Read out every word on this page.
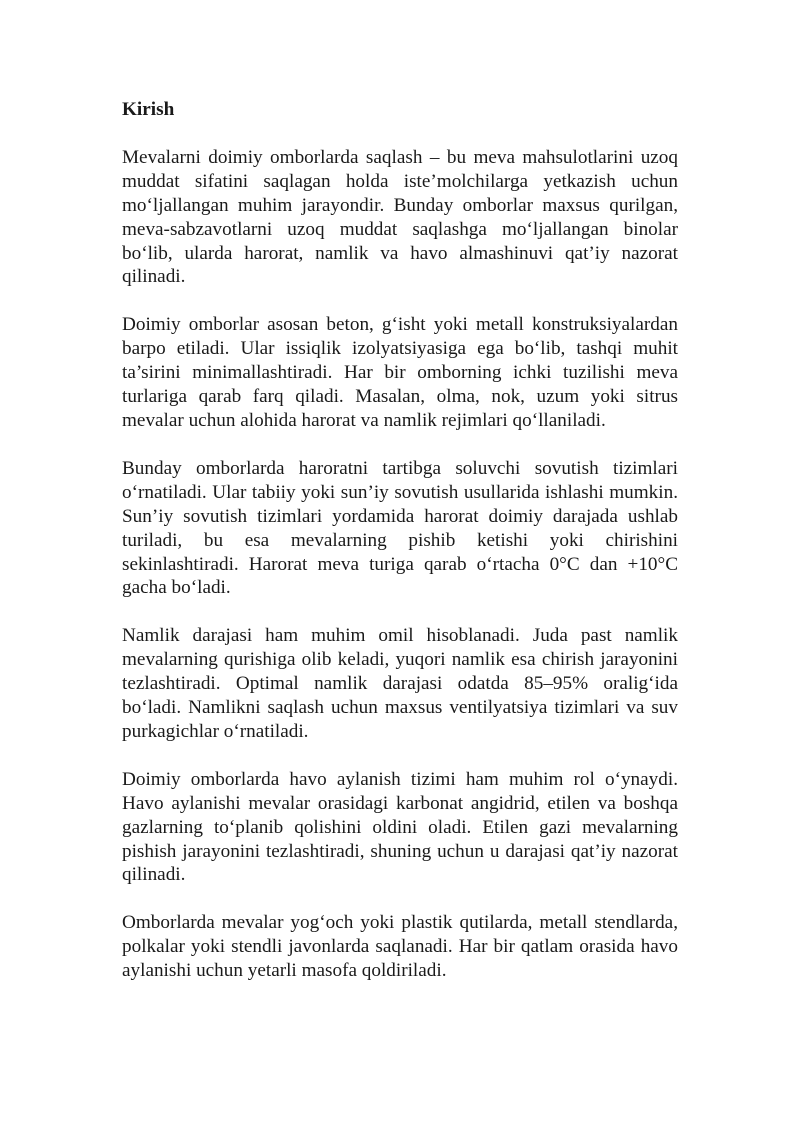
Kirish

Mevalarni doimiy omborlarda saqlash – bu meva mahsulotlarini uzoq muddat sifatini saqlagan holda iste’molchilarga yetkazish uchun moʻljallangan muhim jarayondir. Bunday omborlar maxsus qurilgan, meva-sabzavotlarni uzoq muddat saqlashga moʻljallangan binolar boʻlib, ularda harorat, namlik va havo almashinuvi qat’iy nazorat qilinadi.

Doimiy omborlar asosan beton, gʻisht yoki metall konstruksiyalardan barpo etiladi. Ular issiqlik izolyatsiyasiga ega boʻlib, tashqi muhit ta’sirini minimallashtiradi. Har bir omborning ichki tuzilishi meva turlariga qarab farq qiladi. Masalan, olma, nok, uzum yoki sitrus mevalar uchun alohida harorat va namlik rejimlari qoʻllaniladi.

Bunday omborlarda haroratni tartibga soluvchi sovutish tizimlari oʻrnatiladi. Ular tabiiy yoki sun’iy sovutish usullarida ishlashi mumkin. Sun’iy sovutish tizimlari yordamida harorat doimiy darajada ushlab turiladi, bu esa mevalarning pishib ketishi yoki chirishini sekinlashtiradi. Harorat meva turiga qarab oʻrtacha 0°C dan +10°C gacha boʻladi.

Namlik darajasi ham muhim omil hisoblanadi. Juda past namlik mevalarning qurishiga olib keladi, yuqori namlik esa chirish jarayonini tezlashtiradi. Optimal namlik darajasi odatda 85–95% oraligʻida boʻladi. Namlikni saqlash uchun maxsus ventilyatsiya tizimlari va suv purkagichlar oʻrnatiladi.

Doimiy omborlarda havo aylanish tizimi ham muhim rol oʻynaydi. Havo aylanishi mevalar orasidagi karbonat angidrid, etilen va boshqa gazlarning toʻplanib qolishini oldini oladi. Etilen gazi mevalarning pishish jarayonini tezlashtiradi, shuning uchun u darajasi qat’iy nazorat qilinadi.

Omborlarda mevalar yogʻoch yoki plastik qutilarda, metall stendlarda, polkalar yoki stendli javonlarda saqlanadi. Har bir qatlam orasida havo aylanishi uchun yetarli masofa qoldiriladi.
